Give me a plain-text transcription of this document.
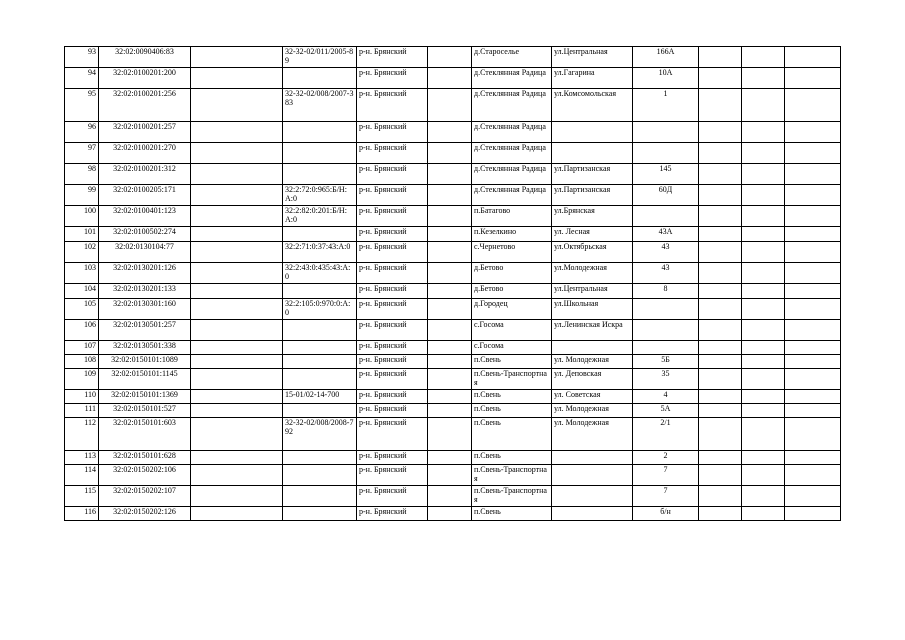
93	32:02:0090406:83		32-32-02/011/2005-89	р-н. Брянский		д.Староселье	ул.Центральная	166А			
94	32:02:0100201:200			р-н. Брянский		д.Стеклянная Радица	ул.Гагарина	10А			
95	32:02:0100201:256		32-32-02/008/2007-383	р-н. Брянский		д.Стеклянная Радица	ул.Комсомольская	1			
96	32:02:0100201:257			р-н. Брянский		д.Стеклянная Радица					
97	32:02:0100201:270			р-н. Брянский		д.Стеклянная Радица					
98	32:02:0100201:312			р-н. Брянский		д.Стеклянная Радица	ул.Партизанская	145			
99	32:02:0100205:171		32:2:72:0:965:Б/Н:А:0	р-н. Брянский		д.Стеклянная Радица	ул.Партизанская	60Д			
100	32:02:0100401:123		32:2:82:0:201:Б/Н:А:0	р-н. Брянский		п.Батагово	ул.Брянская				
101	32:02:0100502:274			р-н. Брянский		п.Кезелкино	ул. Лесная	43А			
102	32:02:0130104:77		32:2:71:0:37:43:А:0	р-н. Брянский		с.Чернетово	ул.Октябрьская	43			
103	32:02:0130201:126		32:2:43:0:435:43:А:0	р-н. Брянский		д.Бетово	ул.Молодежная	43			
104	32:02:0130201:133			р-н. Брянский		д.Бетово	ул.Центральная	8			
105	32:02:0130301:160		32:2:105:0:970:0:А:0	р-н. Брянский		д.Городец	ул.Школьная				
106	32:02:0130501:257			р-н. Брянский		с.Госома	ул.Ленинская Искра				
107	32:02:0130501:338			р-н. Брянский		с.Госома					
108	32:02:0150101:1089			р-н. Брянский		п.Свень	ул. Молодежная	5Б			
109	32:02:0150101:1145			р-н. Брянский		п.Свень-Транспортная	ул. Деповская	35			
110	32:02:0150101:1369		15-01/02-14-700	р-н. Брянский		п.Свень	ул. Советская	4			
111	32:02:0150101:527			р-н. Брянский		п.Свень	ул. Молодежная	5А			
112	32:02:0150101:603		32-32-02/008/2008-792	р-н. Брянский		п.Свень	ул. Молодежная	2/1			
113	32:02:0150101:628			р-н. Брянский		п.Свень		2			
114	32:02:0150202:106			р-н. Брянский		п.Свень-Транспортная		7			
115	32:02:0150202:107			р-н. Брянский		п.Свень-Транспортная		7			
116	32:02:0150202:126			р-н. Брянский		п.Свень		б/н			
